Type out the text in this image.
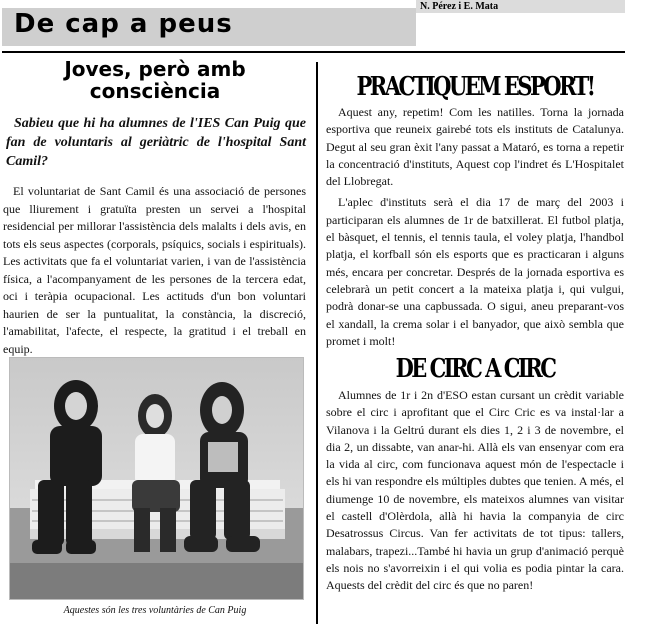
De cap a peus
N. Pérez i E. Mata
Joves, però amb consciència

Sabieu que hi ha alumnes de l'IES Can Puig que fan de voluntaris al geriàtric de l'hospital Sant Camil?

El voluntariat de Sant Camil és una associació de persones que lliurement i gratuïta presten un servei a l'hospital residencial per millorar l'assistència dels malalts i dels avis, en tots els seus aspectes (corporals, psíquics, socials i espirituals). Les activitats que fa el voluntariat varien, i van de l'assistència física, a l'acompanyament de les persones de la tercera edat, oci i teràpia ocupacional. Les actituds d'un bon voluntari haurien de ser la puntualitat, la constància, la discreció, l'amabilitat, l'afecte, el respecte, la gratitud i el treball en equip.

Aquestes són les tres voluntàries de Can Puig

PRACTIQUEM ESPORT!

Aquest any, repetim! Com les natilles. Torna la jornada esportiva que reuneix gairebé tots els instituts de Catalunya. Degut al seu gran èxit l'any passat a Mataró, es torna a repetir la concentració d'instituts, Aquest cop l'indret és L'Hospitalet del Llobregat.

L'aplec d'instituts serà el dia 17 de març del 2003 i participaran els alumnes de 1r de batxillerat. El futbol platja, el bàsquet, el tennis, el tennis taula, el voley platja, l'handbol platja, el korfball són els esports que es practicaran i alguns més, encara per concretar. Després de la jornada esportiva es celebrarà un petit concert a la mateixa platja i, qui vulgui, podrà donar-se una capbussada. O sigui, aneu preparant-vos el xandall, la crema solar i el banyador, que això sembla que promet i molt!

DE CIRC A CIRC

Alumnes de 1r i 2n d'ESO estan cursant un crèdit variable sobre el circ i aprofitant que el Circ Cric es va instal·lar a Vilanova i la Geltrú durant els dies 1, 2 i 3 de novembre, el dia 2, un dissabte, van anar-hi. Allà els van ensenyar com era la vida al circ, com funcionava aquest món de l'espectacle i els hi van respondre els múltiples dubtes que tenien. A més, el diumenge 10 de novembre, els mateixos alumnes van visitar el castell d'Olèrdola, allà hi havia la companyia de circ Desatrossus Circus. Van fer activitats de tot tipus: tallers, malabars, trapezi...També hi havia un grup d'animació perquè els nois no s'avorreixin i el qui volia es podia pintar la cara. Aquests del crèdit del circ és que no paren!
